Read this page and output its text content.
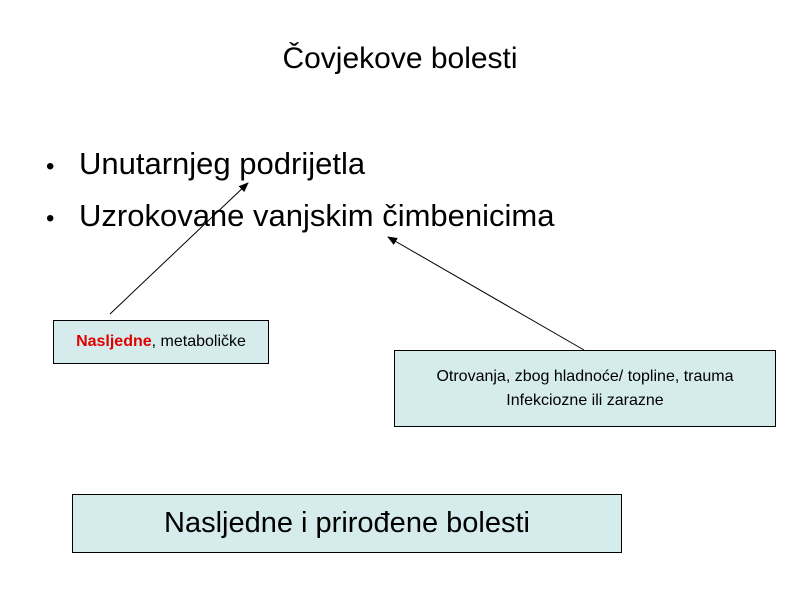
Čovjekove bolesti
• Unutarnjeg podrijetla
• Uzrokovane vanjskim čimbenicima
Nasljedne, metaboličke
Otrovanja, zbog hladnoće/ topline, trauma
Infekciozne ili zarazne
Nasljedne i prirođene bolesti
